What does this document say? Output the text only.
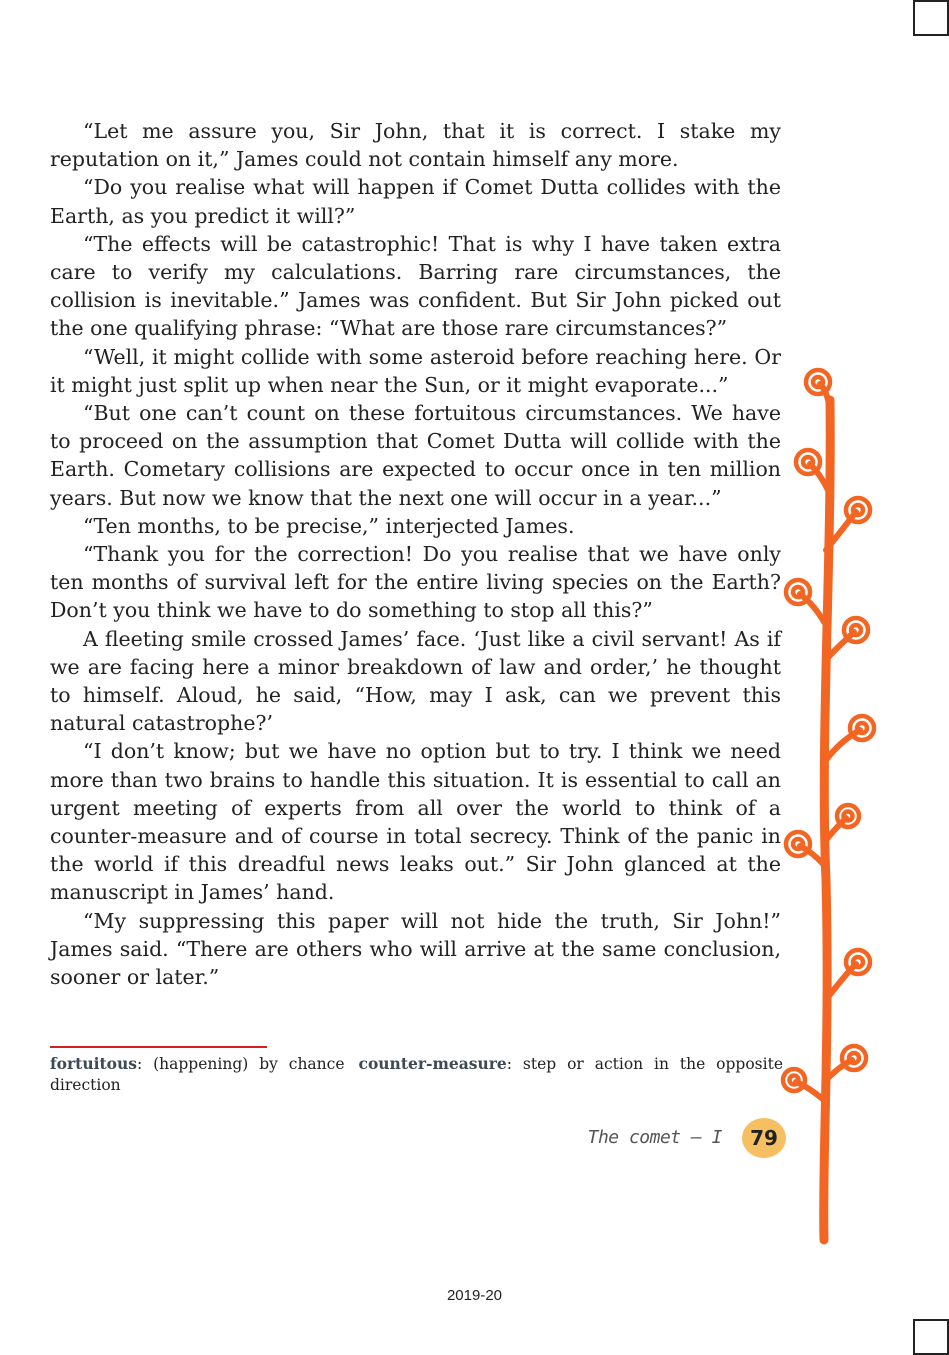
“Let me assure you, Sir John, that it is correct. I stake my reputation on it,” James could not contain himself any more.

“Do you realise what will happen if Comet Dutta collides with the Earth, as you predict it will?”

“The effects will be catastrophic! That is why I have taken extra care to verify my calculations. Barring rare circumstances, the collision is inevitable.” James was confident. But Sir John picked out the one qualifying phrase: “What are those rare circumstances?”

“Well, it might collide with some asteroid before reaching here. Or it might just split up when near the Sun, or it might evaporate...”

“But one can’t count on these fortuitous circumstances. We have to proceed on the assumption that Comet Dutta will collide with the Earth. Cometary collisions are expected to occur once in ten million years. But now we know that the next one will occur in a year...”

“Ten months, to be precise,” interjected James.

“Thank you for the correction! Do you realise that we have only ten months of survival left for the entire living species on the Earth? Don’t you think we have to do something to stop all this?”

A fleeting smile crossed James’ face. ‘Just like a civil servant! As if we are facing here a minor breakdown of law and order,’ he thought to himself. Aloud, he said, “How, may I ask, can we prevent this natural catastrophe?’

“I don’t know; but we have no option but to try. I think we need more than two brains to handle this situation. It is essential to call an urgent meeting of experts from all over the world to think of a counter-measure and of course in total secrecy. Think of the panic in the world if this dreadful news leaks out.” Sir John glanced at the manuscript in James’ hand.

“My suppressing this paper will not hide the truth, Sir John!” James said. “There are others who will arrive at the same conclusion, sooner or later.”

fortuitous: (happening) by chance counter-measure: step or action in the opposite direction
The comet – I	79
2019-20
